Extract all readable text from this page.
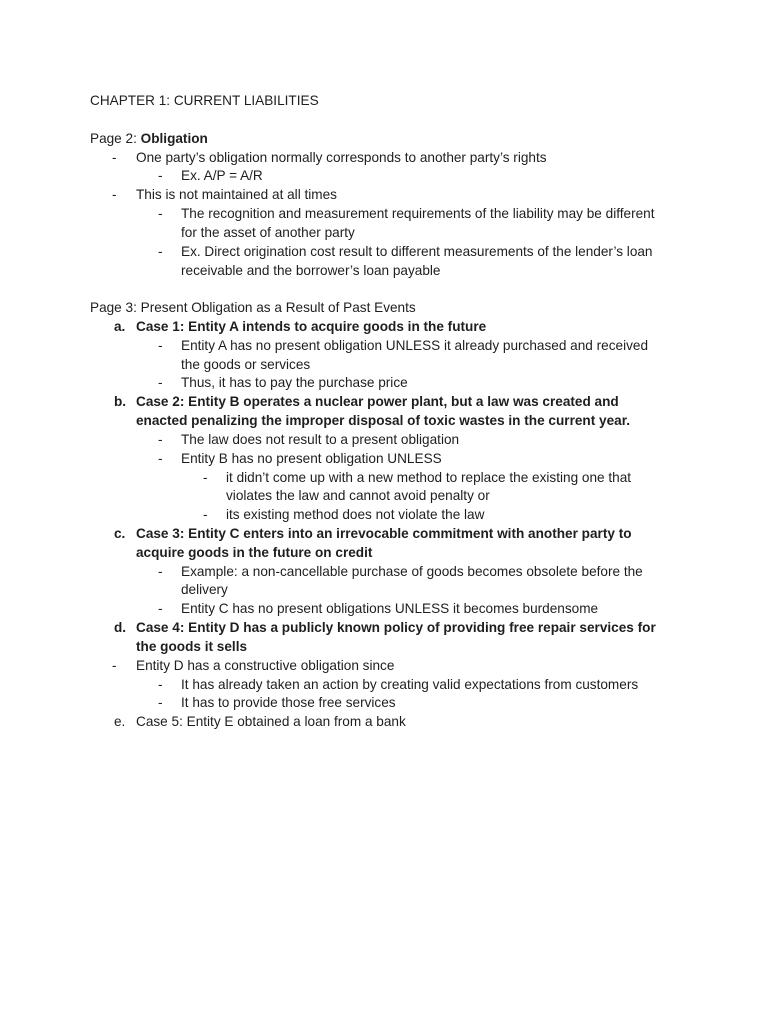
CHAPTER 1: CURRENT LIABILITIES
Page 2: Obligation
- One party’s obligation normally corresponds to another party’s rights
- Ex. A/P = A/R
- This is not maintained at all times
- The recognition and measurement requirements of the liability may be different
for the asset of another party
- Ex. Direct origination cost result to different measurements of the lender’s loan
receivable and the borrower’s loan payable
Page 3: Present Obligation as a Result of Past Events
a. Case 1: Entity A intends to acquire goods in the future
- Entity A has no present obligation UNLESS it already purchased and received
the goods or services
- Thus, it has to pay the purchase price
b. Case 2: Entity B operates a nuclear power plant, but a law was created and
enacted penalizing the improper disposal of toxic wastes in the current year.
- The law does not result to a present obligation
- Entity B has no present obligation UNLESS
- it didn’t come up with a new method to replace the existing one that
violates the law and cannot avoid penalty or
- its existing method does not violate the law
c. Case 3: Entity C enters into an irrevocable commitment with another party to
acquire goods in the future on credit
- Example: a non-cancellable purchase of goods becomes obsolete before the
delivery
- Entity C has no present obligations UNLESS it becomes burdensome
d. Case 4: Entity D has a publicly known policy of providing free repair services for
the goods it sells
- Entity D has a constructive obligation since
- It has already taken an action by creating valid expectations from customers
- It has to provide those free services
e. Case 5: Entity E obtained a loan from a bank
